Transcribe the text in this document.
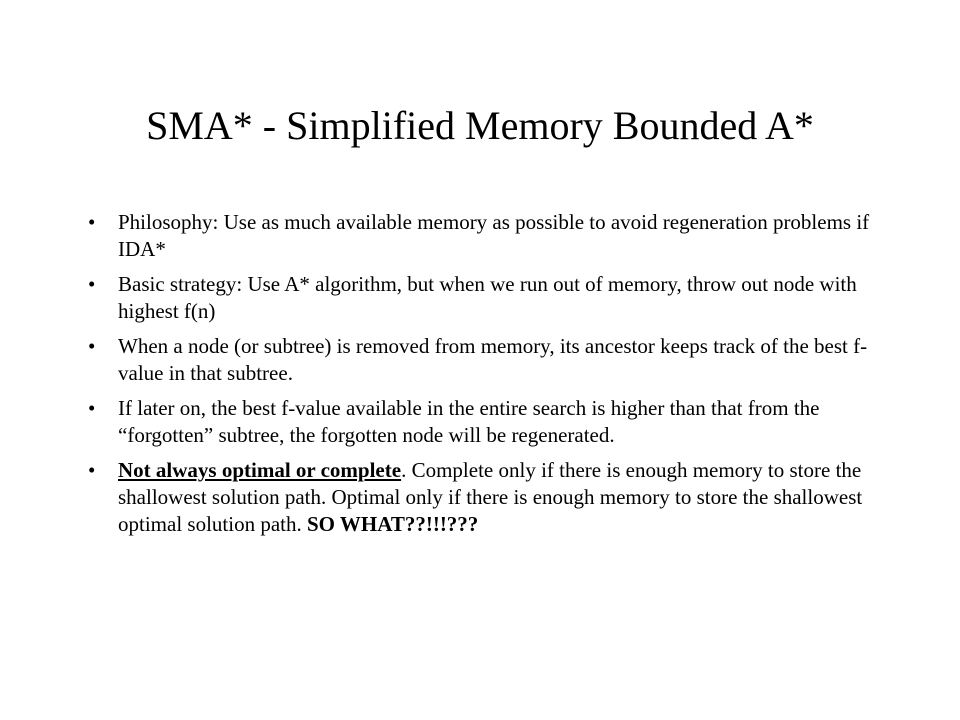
SMA* - Simplified Memory Bounded A*
•	Philosophy: Use as much available memory as possible to avoid regeneration problems if IDA*
•	Basic strategy: Use A* algorithm, but when we run out of memory, throw out node with highest f(n)
•	When a node (or subtree) is removed from memory, its ancestor keeps track of the best f-value in that subtree.
•	If later on, the best f-value available in the entire search is higher than that from the “forgotten” subtree, the forgotten node will be regenerated.
•	Not always optimal or complete. Complete only if there is enough memory to store the shallowest solution path. Optimal only if there is enough memory to store the shallowest optimal solution path. SO WHAT??!!!???
